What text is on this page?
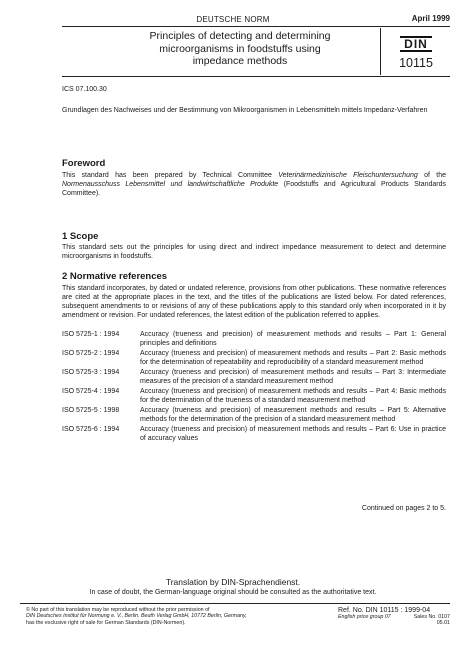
DEUTSCHE NORM	April 1999
Principles of detecting and determining
microorganisms in foodstuffs using
impedance methods
DIN
10115
ICS 07.100.30
Grundlagen des Nachweises und der Bestimmung von Mikroorganismen in Lebensmitteln mittels Impedanz-Verfahren
Foreword
This standard has been prepared by Technical Committee Veterinärmedizinische Fleischuntersuchung of the Normenausschuss Lebensmittel und landwirtschaftliche Produkte (Foodstuffs and Agricultural Products Standards Committee).
1 Scope
This standard sets out the principles for using direct and indirect impedance measurement to detect and determine microorganisms in foodstuffs.
2 Normative references
This standard incorporates, by dated or undated reference, provisions from other publications. These normative references are cited at the appropriate places in the text, and the titles of the publications are listed below. For dated references, subsequent amendments to or revisions of any of these publications apply to this standard only when incorporated in it by amendment or revision. For undated references, the latest edition of the publication referred to applies.
ISO 5725-1 : 1994	Accuracy (trueness and precision) of measurement methods and results – Part 1: General principles and definitions
ISO 5725-2 : 1994	Accuracy (trueness and precision) of measurement methods and results – Part 2: Basic methods for the determination of repeatability and reproducibility of a standard measurement method
ISO 5725-3 : 1994	Accuracy (trueness and precision) of measurement methods and results – Part 3: Intermediate measures of the precision of a standard measurement method
ISO 5725-4 : 1994	Accuracy (trueness and precision) of measurement methods and results – Part 4: Basic methods for the determination of the trueness of a standard measurement method
ISO 5725-5 : 1998	Accuracy (trueness and precision) of measurement methods and results – Part 5: Alternative methods for the determination of the precision of a standard measurement method
ISO 5725-6 : 1994	Accuracy (trueness and precision) of measurement methods and results – Part 6: Use in practice of accuracy values
Continued on pages 2 to 5.
Translation by DIN-Sprachendienst.
In case of doubt, the German-language original should be consulted as the authoritative text.
© No part of this translation may be reproduced without the prior permission of
DIN Deutsches Institut für Normung e. V., Berlin. Beuth Verlag GmbH, 10772 Berlin, Germany,
has the exclusive right of sale for German Standards (DIN-Normen).
Ref. No. DIN 10115 : 1999-04
English price group 07	Sales No. 0107
05.01
